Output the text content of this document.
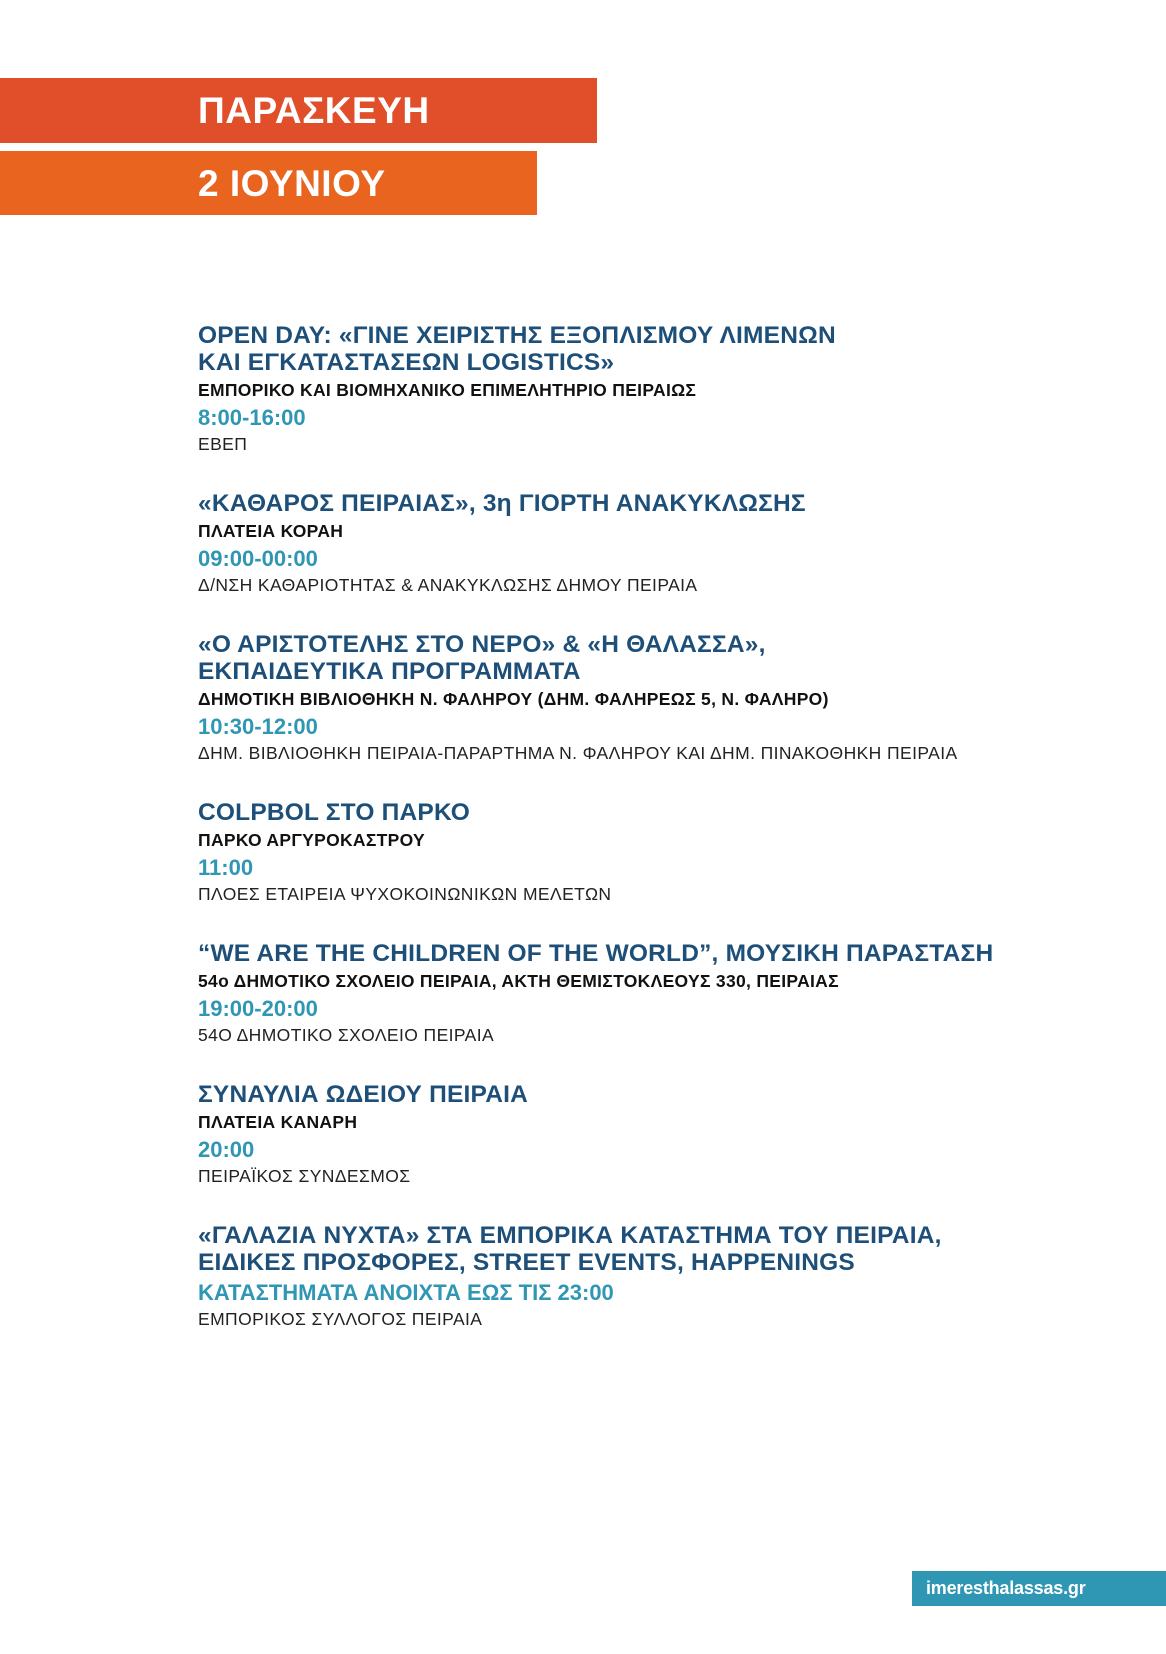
ΠΑΡΑΣΚΕΥΗ
2 ΙΟΥΝΙΟΥ
OPEN DAY: «ΓΙΝΕ ΧΕΙΡΙΣΤΗΣ ΕΞΟΠΛΙΣΜΟΥ ΛΙΜΕΝΩΝ
ΚΑΙ ΕΓΚΑΤΑΣΤΑΣΕΩΝ LOGISTICS»
ΕΜΠΟΡΙΚΟ ΚΑΙ ΒΙΟΜΗΧΑΝΙΚΟ ΕΠΙΜΕΛΗΤΗΡΙΟ ΠΕΙΡΑΙΩΣ
8:00-16:00
ΕΒΕΠ
«ΚΑΘΑΡΟΣ ΠΕΙΡΑΙΑΣ», 3η ΓΙΟΡΤΗ ΑΝΑΚΥΚΛΩΣΗΣ
ΠΛΑΤΕΙΑ ΚΟΡΑΗ
09:00-00:00
Δ/ΝΣΗ ΚΑΘΑΡΙΟΤΗΤΑΣ & ΑΝΑΚΥΚΛΩΣΗΣ ΔΗΜΟΥ ΠΕΙΡΑΙΑ
«Ο ΑΡΙΣΤΟΤΕΛΗΣ ΣΤΟ ΝΕΡΟ» & «Η ΘΑΛΑΣΣΑ»,
ΕΚΠΑΙΔΕΥΤΙΚΑ ΠΡΟΓΡΑΜΜΑΤΑ
ΔΗΜΟΤΙΚΗ ΒΙΒΛΙΟΘΗΚΗ Ν. ΦΑΛΗΡΟΥ (ΔΗΜ. ΦΑΛΗΡΕΩΣ 5, Ν. ΦΑΛΗΡΟ)
10:30-12:00
ΔΗΜ. ΒΙΒΛΙΟΘΗΚΗ ΠΕΙΡΑΙΑ-ΠΑΡΑΡΤΗΜΑ Ν. ΦΑΛΗΡΟΥ ΚΑΙ ΔΗΜ. ΠΙΝΑΚΟΘΗΚΗ ΠΕΙΡΑΙΑ
COLPBOL ΣΤΟ ΠΑΡΚΟ
ΠΑΡΚΟ ΑΡΓΥΡΟΚΑΣΤΡΟΥ
11:00
ΠΛΟΕΣ ΕΤΑΙΡΕΙΑ ΨΥΧΟΚΟΙΝΩΝΙΚΩΝ ΜΕΛΕΤΩΝ
“WE ARE THE CHILDREN OF THE WORLD”, ΜΟΥΣΙΚΗ ΠΑΡΑΣΤΑΣΗ
54ο ΔΗΜΟΤΙΚΟ ΣΧΟΛΕΙΟ ΠΕΙΡΑΙΑ, ΑΚΤΗ ΘΕΜΙΣΤΟΚΛΕΟΥΣ 330, ΠΕΙΡΑΙΑΣ
19:00-20:00
54Ο ΔΗΜΟΤΙΚΟ ΣΧΟΛΕΙΟ ΠΕΙΡΑΙΑ
ΣΥΝΑΥΛΙΑ ΩΔΕΙΟΥ ΠΕΙΡΑΙΑ
ΠΛΑΤΕΙΑ ΚΑΝΑΡΗ
20:00
ΠΕΙΡΑΪΚΟΣ ΣΥΝΔΕΣΜΟΣ
«ΓΑΛΑΖΙΑ ΝΥΧΤΑ» ΣΤΑ ΕΜΠΟΡΙΚΑ ΚΑΤΑΣΤΗΜΑ ΤΟΥ ΠΕΙΡΑΙΑ,
ΕΙΔΙΚΕΣ ΠΡΟΣΦΟΡΕΣ, STREET EVENTS, HAPPENINGS
ΚΑΤΑΣΤΗΜΑΤΑ ΑΝΟΙΧΤΑ ΕΩΣ ΤΙΣ 23:00
ΕΜΠΟΡΙΚΟΣ ΣΥΛΛΟΓΟΣ ΠΕΙΡΑΙΑ
imeresthalassas.gr
